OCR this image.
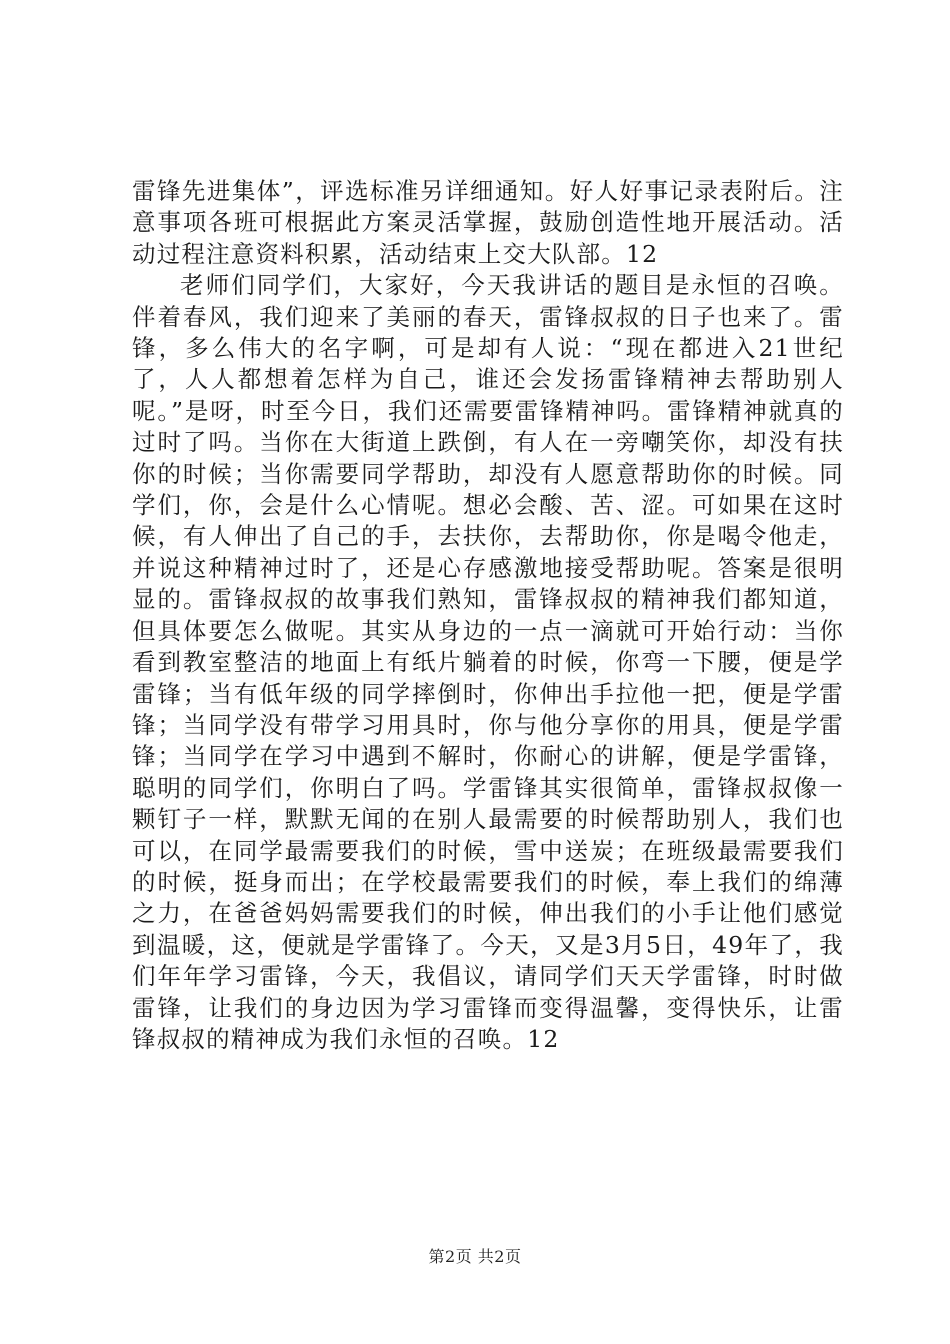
雷锋先进集体”，评选标准另详细通知。好人好事记录表附后。注意事项各班可根据此方案灵活掌握，鼓励创造性地开展活动。活动过程注意资料积累，活动结束上交大队部。12

老师们同学们，大家好，今天我讲话的题目是永恒的召唤。伴着春风，我们迎来了美丽的春天，雷锋叔叔的日子也来了。雷锋，多么伟大的名字啊，可是却有人说：“现在都进入21世纪了，人人都想着怎样为自己，谁还会发扬雷锋精神去帮助别人呢。”是呀，时至今日，我们还需要雷锋精神吗。雷锋精神就真的过时了吗。当你在大街道上跌倒，有人在一旁嘲笑你，却没有扶你的时候；当你需要同学帮助，却没有人愿意帮助你的时候。同学们，你，会是什么心情呢。想必会酸、苦、涩。可如果在这时候，有人伸出了自己的手，去扶你，去帮助你，你是喝令他走，并说这种精神过时了，还是心存感激地接受帮助呢。答案是很明显的。雷锋叔叔的故事我们熟知，雷锋叔叔的精神我们都知道，但具体要怎么做呢。其实从身边的一点一滴就可开始行动：当你看到教室整洁的地面上有纸片躺着的时候，你弯一下腰，便是学雷锋；当有低年级的同学摔倒时，你伸出手拉他一把，便是学雷锋；当同学没有带学习用具时，你与他分享你的用具，便是学雷锋；当同学在学习中遇到不解时，你耐心的讲解，便是学雷锋，聪明的同学们，你明白了吗。学雷锋其实很简单，雷锋叔叔像一颗钉子一样，默默无闻的在别人最需要的时候帮助别人，我们也可以，在同学最需要我们的时候，雪中送炭；在班级最需要我们的时候，挺身而出；在学校最需要我们的时候，奉上我们的绵薄之力，在爸爸妈妈需要我们的时候，伸出我们的小手让他们感觉到温暖，这，便就是学雷锋了。今天，又是3月5日，49年了，我们年年学习雷锋，今天，我倡议，请同学们天天学雷锋，时时做雷锋，让我们的身边因为学习雷锋而变得温馨，变得快乐，让雷锋叔叔的精神成为我们永恒的召唤。12

第2页 共2页
